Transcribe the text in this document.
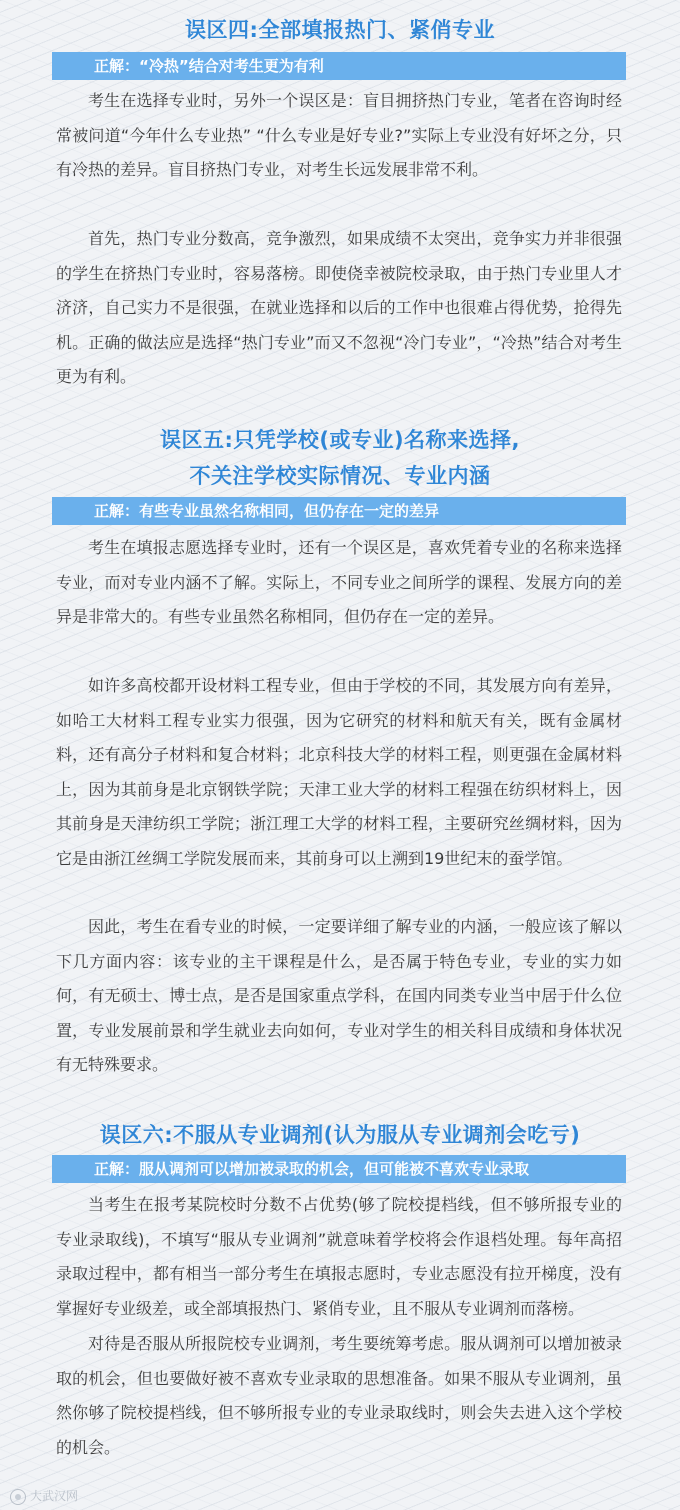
误区四:全部填报热门、紧俏专业
正解：“冷热”结合对考生更为有利

考生在选择专业时，另外一个误区是：盲目拥挤热门专业，笔者在咨询时经常被问道“今年什么专业热” “什么专业是好专业?”实际上专业没有好坏之分，只有冷热的差异。盲目挤热门专业，对考生长远发展非常不利。

首先，热门专业分数高，竞争激烈，如果成绩不太突出，竞争实力并非很强的学生在挤热门专业时，容易落榜。即使侥幸被院校录取，由于热门专业里人才济济，自己实力不是很强，在就业选择和以后的工作中也很难占得优势，抢得先机。正确的做法应是选择“热门专业”而又不忽视“冷门专业”，“冷热”结合对考生更为有利。

误区五:只凭学校(或专业)名称来选择,
不关注学校实际情况、专业内涵
正解：有些专业虽然名称相同，但仍存在一定的差异

考生在填报志愿选择专业时，还有一个误区是，喜欢凭着专业的名称来选择专业，而对专业内涵不了解。实际上，不同专业之间所学的课程、发展方向的差异是非常大的。有些专业虽然名称相同，但仍存在一定的差异。

如许多高校都开设材料工程专业，但由于学校的不同，其发展方向有差异，如哈工大材料工程专业实力很强，因为它研究的材料和航天有关，既有金属材料，还有高分子材料和复合材料；北京科技大学的材料工程，则更强在金属材料上，因为其前身是北京钢铁学院；天津工业大学的材料工程强在纺织材料上，因其前身是天津纺织工学院；浙江理工大学的材料工程，主要研究丝绸材料，因为它是由浙江丝绸工学院发展而来，其前身可以上溯到19世纪末的蚕学馆。

因此，考生在看专业的时候，一定要详细了解专业的内涵，一般应该了解以下几方面内容：该专业的主干课程是什么，是否属于特色专业，专业的实力如何，有无硕士、博士点，是否是国家重点学科，在国内同类专业当中居于什么位置，专业发展前景和学生就业去向如何，专业对学生的相关科目成绩和身体状况有无特殊要求。

误区六:不服从专业调剂(认为服从专业调剂会吃亏)
正解：服从调剂可以增加被录取的机会，但可能被不喜欢专业录取

当考生在报考某院校时分数不占优势(够了院校提档线，但不够所报专业的专业录取线)，不填写“服从专业调剂”就意味着学校将会作退档处理。每年高招录取过程中，都有相当一部分考生在填报志愿时，专业志愿没有拉开梯度，没有掌握好专业级差，或全部填报热门、紧俏专业，且不服从专业调剂而落榜。

对待是否服从所报院校专业调剂，考生要统筹考虑。服从调剂可以增加被录取的机会，但也要做好被不喜欢专业录取的思想准备。如果不服从专业调剂，虽然你够了院校提档线，但不够所报专业的专业录取线时，则会失去进入这个学校的机会。

大武汉网
